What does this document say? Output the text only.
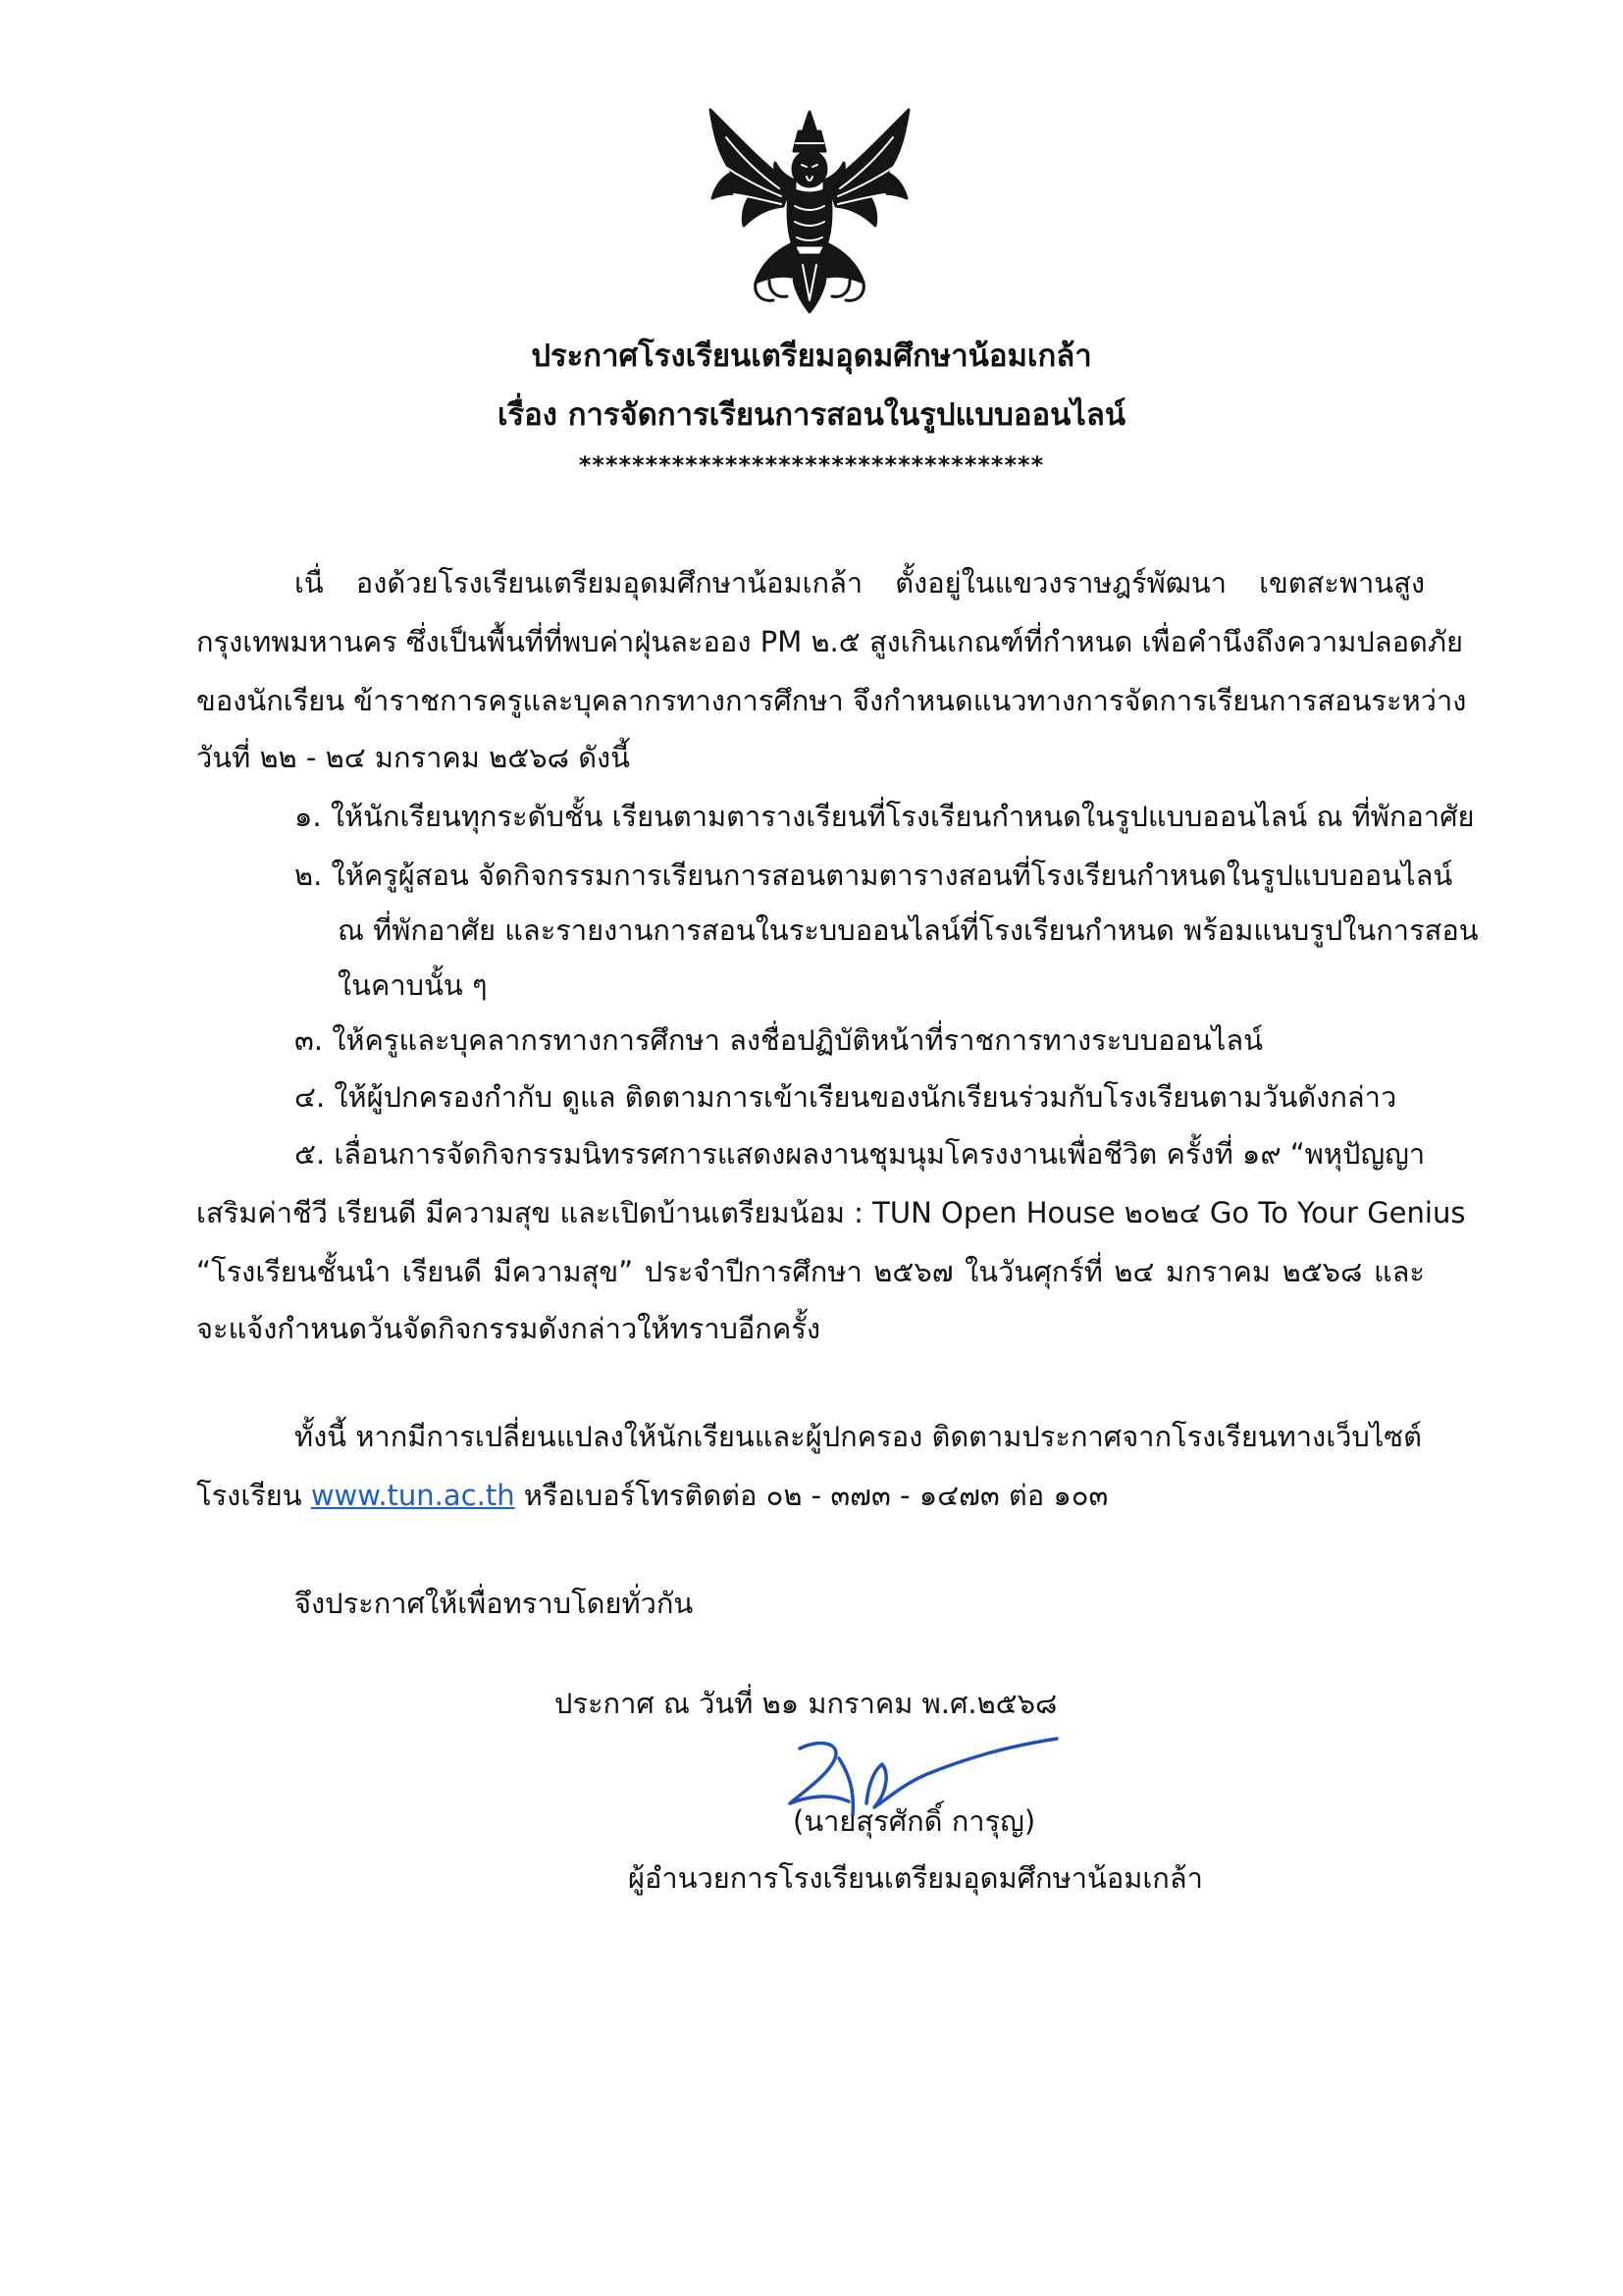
ประกาศโรงเรียนเตรียมอุดมศึกษาน้อมเกล้า
เรื่อง การจัดการเรียนการสอนในรูปแบบออนไลน์
***********************************
เนื่ องด้วยโรงเรียนเตรียมอุดมศึกษาน้อมเกล้า ตั้งอยู่ในแขวงราษฎร์พัฒนา เขตสะพานสูง
กรุงเทพมหานคร ซึ่งเป็นพื้นที่ที่พบค่าฝุ่นละออง PM ๒.๕ สูงเกินเกณฑ์ที่กำหนด เพื่อคำนึงถึงความปลอดภัย
ของนักเรียน ข้าราชการครูและบุคลากรทางการศึกษา จึงกำหนดแนวทางการจัดการเรียนการสอนระหว่าง
วันที่ ๒๒ - ๒๔ มกราคม ๒๕๖๘ ดังนี้
๑. ให้นักเรียนทุกระดับชั้น เรียนตามตารางเรียนที่โรงเรียนกำหนดในรูปแบบออนไลน์ ณ ที่พักอาศัย
๒. ให้ครูผู้สอน จัดกิจกรรมการเรียนการสอนตามตารางสอนที่โรงเรียนกำหนดในรูปแบบออนไลน์
ณ ที่พักอาศัย และรายงานการสอนในระบบออนไลน์ที่โรงเรียนกำหนด พร้อมแนบรูปในการสอน
ในคาบนั้น ๆ
๓. ให้ครูและบุคลากรทางการศึกษา ลงชื่อปฏิบัติหน้าที่ราชการทางระบบออนไลน์
๔. ให้ผู้ปกครองกำกับ ดูแล ติดตามการเข้าเรียนของนักเรียนร่วมกับโรงเรียนตามวันดังกล่าว
๕. เลื่อนการจัดกิจกรรมนิทรรศการแสดงผลงานชุมนุมโครงงานเพื่อชีวิต ครั้งที่ ๑๙ “พหุปัญญา
เสริมค่าชีวี เรียนดี มีความสุข และเปิดบ้านเตรียมน้อม : TUN Open House ๒๐๒๔ Go To Your Genius
“โรงเรียนชั้นนำ เรียนดี มีความสุข” ประจำปีการศึกษา ๒๕๖๗ ในวันศุกร์ที่ ๒๔ มกราคม ๒๕๖๘ และ
จะแจ้งกำหนดวันจัดกิจกรรมดังกล่าวให้ทราบอีกครั้ง
ทั้งนี้ หากมีการเปลี่ยนแปลงให้นักเรียนและผู้ปกครอง ติดตามประกาศจากโรงเรียนทางเว็บไซต์
โรงเรียน www.tun.ac.th หรือเบอร์โทรติดต่อ ๐๒ - ๓๗๓ - ๑๔๗๓ ต่อ ๑๐๓
จึงประกาศให้เพื่อทราบโดยทั่วกัน
ประกาศ ณ วันที่ ๒๑ มกราคม พ.ศ.๒๕๖๘
(นายสุรศักดิ์ การุญ)
ผู้อำนวยการโรงเรียนเตรียมอุดมศึกษาน้อมเกล้า
